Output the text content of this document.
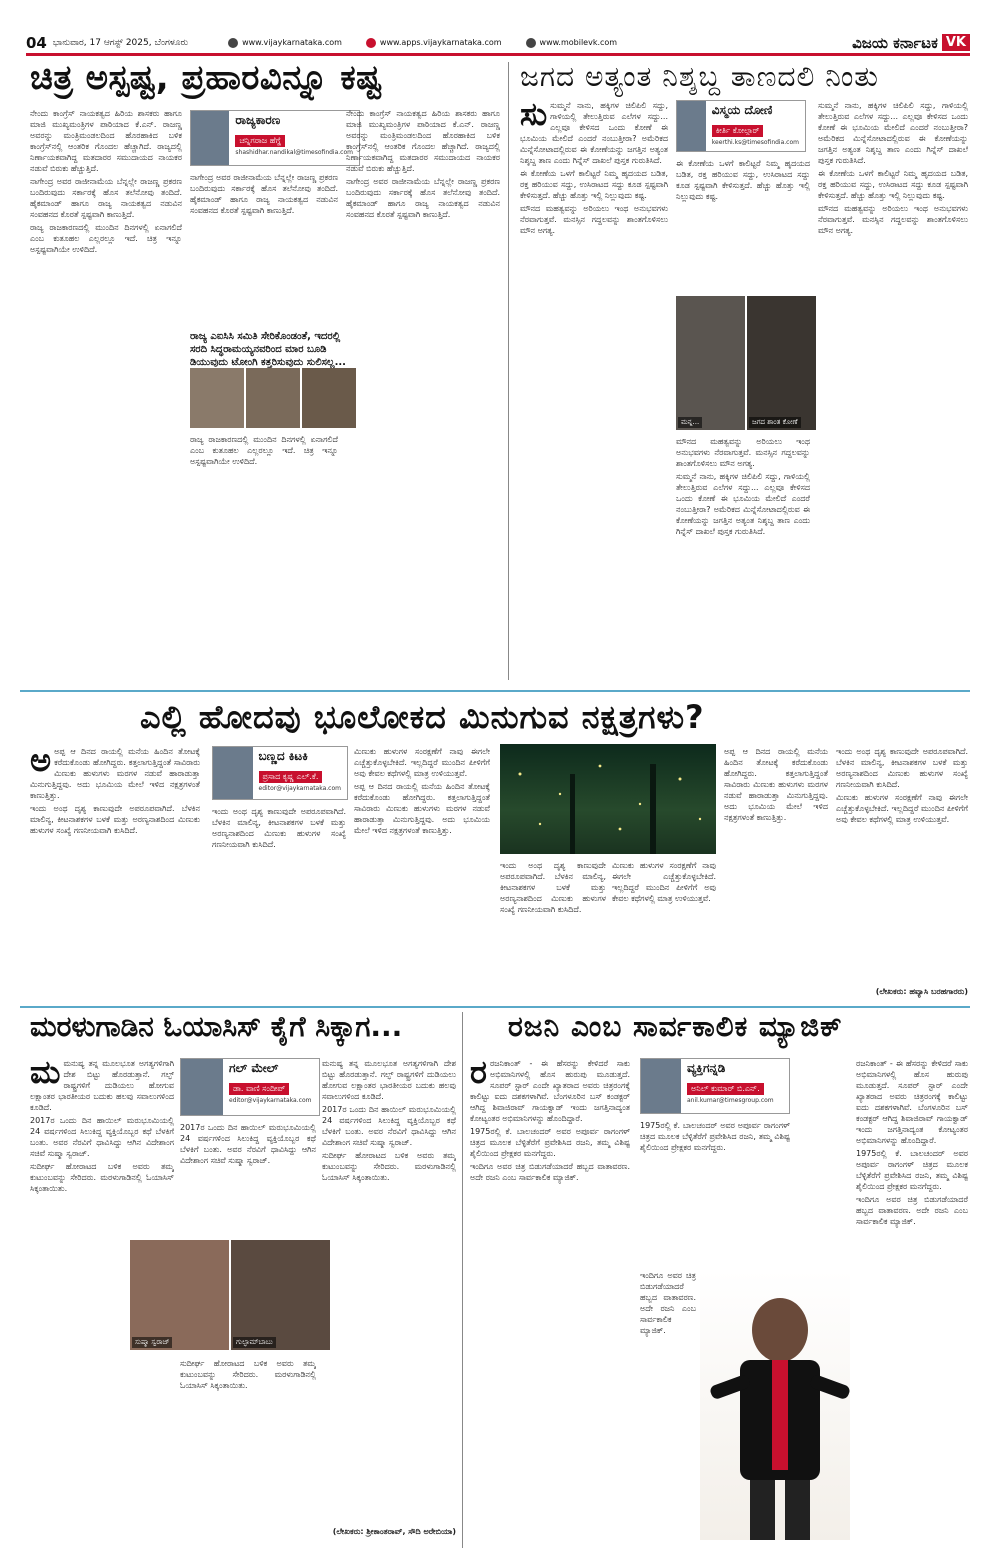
04 ಭಾನುವಾರ, 17 ಆಗಸ್ಟ್ 2025, ಬೆಂಗಳೂರು	www.vijaykarnataka.com	www.apps.vijaykarnataka.com	www.mobilevk.com	ವಿಜಯ ಕರ್ನಾಟಕ VK
ಚಿತ್ರ ಅಸ್ಪಷ್ಟ, ಪ್ರಹಾರವಿನ್ನೂ ಕಷ್ಟ
ರಾಜ್ಯಕಾರಣ
ಚನ್ನಿಗರಾಜ ಹೆಗ್ಡೆ
shashidhar.nandikal@timesofindia.com

ನೇಂದು ಕಾಂಗ್ರೆಸ್ ನಾಯಕತ್ವದ ಹಿರಿಯ ಶಾಸಕರು ಹಾಗೂ ಮಾಜಿ ಮುಖ್ಯಮಂತ್ರಿಗಳ ಪಾಠಿಯಾದ ಕೆ.ಎನ್. ರಾಜಣ್ಣ ಅವರನ್ನು ಮಂತ್ರಿಮಂಡಲದಿಂದ ಹೊರಹಾಕಿದ ಬಳಿಕ ಕಾಂಗ್ರೆಸ್‌ನಲ್ಲಿ ಆಂತರಿಕ ಗೊಂದಲ ಹೆಚ್ಚಾಗಿದೆ. ರಾಜ್ಯದಲ್ಲಿ ನಿರ್ಣಾಯಕವಾಗಿದ್ದ ಮತದಾರರ ಸಮುದಾಯದ ನಾಯಕರ ನಡುವೆ ಬಿರುಕು ಹೆಚ್ಚುತ್ತಿದೆ.

ನಾಗೇಂದ್ರ ಅವರ ರಾಜೀನಾಮೆಯ ಬೆನ್ನಲ್ಲೇ ರಾಜಣ್ಣ ಪ್ರಕರಣ ಬಂದಿರುವುದು ಸರ್ಕಾರಕ್ಕೆ ಹೊಸ ತಲೆನೋವು ತಂದಿದೆ. ಹೈಕಮಾಂಡ್ ಹಾಗೂ ರಾಜ್ಯ ನಾಯಕತ್ವದ ನಡುವಿನ ಸಂವಹನದ ಕೊರತೆ ಸ್ಪಷ್ಟವಾಗಿ ಕಾಣುತ್ತಿದೆ.

ರಾಜ್ಯ ರಾಜಕಾರಣದಲ್ಲಿ ಮುಂದಿನ ದಿನಗಳಲ್ಲಿ ಏನಾಗಲಿದೆ ಎಂಬ ಕುತೂಹಲ ಎಲ್ಲರಲ್ಲೂ ಇದೆ. ಚಿತ್ರ ಇನ್ನೂ ಅಸ್ಪಷ್ಟವಾಗಿಯೇ ಉಳಿದಿದೆ.

ನಾಗೇಂದ್ರ ಅವರ ರಾಜೀನಾಮೆಯ ಬೆನ್ನಲ್ಲೇ ರಾಜಣ್ಣ ಪ್ರಕರಣ ಬಂದಿರುವುದು ಸರ್ಕಾರಕ್ಕೆ ಹೊಸ ತಲೆನೋವು ತಂದಿದೆ. ಹೈಕಮಾಂಡ್ ಹಾಗೂ ರಾಜ್ಯ ನಾಯಕತ್ವದ ನಡುವಿನ ಸಂವಹನದ ಕೊರತೆ ಸ್ಪಷ್ಟವಾಗಿ ಕಾಣುತ್ತಿದೆ.

ರಾಜ್ಯ ಎಐಸಿಸಿ ಸಮಿತಿ ಸೇರಿಕೊಂಡಂತೆ, ಇದರಲ್ಲಿ ಸರದಿ ಸಿದ್ಧರಾಮಯ್ಯನವರಿಂದ ಮಾರ ಬೂಡಿ ಡಿಯುವುದು ಟೋಂಗಿ ಕತ್ತರಿಸುವುದು ಸುಲಿಸಲ್ಲ...

ರಾಜ್ಯ ರಾಜಕಾರಣದಲ್ಲಿ ಮುಂದಿನ ದಿನಗಳಲ್ಲಿ ಏನಾಗಲಿದೆ ಎಂಬ ಕುತೂಹಲ ಎಲ್ಲರಲ್ಲೂ ಇದೆ. ಚಿತ್ರ ಇನ್ನೂ ಅಸ್ಪಷ್ಟವಾಗಿಯೇ ಉಳಿದಿದೆ.

ನೇಂದು ಕಾಂಗ್ರೆಸ್ ನಾಯಕತ್ವದ ಹಿರಿಯ ಶಾಸಕರು ಹಾಗೂ ಮಾಜಿ ಮುಖ್ಯಮಂತ್ರಿಗಳ ಪಾಠಿಯಾದ ಕೆ.ಎನ್. ರಾಜಣ್ಣ ಅವರನ್ನು ಮಂತ್ರಿಮಂಡಲದಿಂದ ಹೊರಹಾಕಿದ ಬಳಿಕ ಕಾಂಗ್ರೆಸ್‌ನಲ್ಲಿ ಆಂತರಿಕ ಗೊಂದಲ ಹೆಚ್ಚಾಗಿದೆ. ರಾಜ್ಯದಲ್ಲಿ ನಿರ್ಣಾಯಕವಾಗಿದ್ದ ಮತದಾರರ ಸಮುದಾಯದ ನಾಯಕರ ನಡುವೆ ಬಿರುಕು ಹೆಚ್ಚುತ್ತಿದೆ.

ನಾಗೇಂದ್ರ ಅವರ ರಾಜೀನಾಮೆಯ ಬೆನ್ನಲ್ಲೇ ರಾಜಣ್ಣ ಪ್ರಕರಣ ಬಂದಿರುವುದು ಸರ್ಕಾರಕ್ಕೆ ಹೊಸ ತಲೆನೋವು ತಂದಿದೆ. ಹೈಕಮಾಂಡ್ ಹಾಗೂ ರಾಜ್ಯ ನಾಯಕತ್ವದ ನಡುವಿನ ಸಂವಹನದ ಕೊರತೆ ಸ್ಪಷ್ಟವಾಗಿ ಕಾಣುತ್ತಿದೆ.

ಜಗದ ಅತ್ಯಂತ ನಿಶ್ಶಬ್ದ ತಾಣದಲಿ ನಿಂತು
ಸು ಸುಮ್ಮನೆ ನಾನು, ಹಕ್ಕಿಗಳ ಚಿಲಿಪಿಲಿ ಸದ್ದು, ಗಾಳಿಯಲ್ಲಿ ತೇಲುತ್ತಿರುವ ಎಲೆಗಳ ಸದ್ದು... ಎಲ್ಲವೂ ಕೇಳಿಸದ ಒಂದು ಕೋಣೆ ಈ ಭೂಮಿಯ ಮೇಲಿದೆ ಎಂದರೆ ನಂಬುತ್ತೀರಾ? ಅಮೆರಿಕದ ಮಿನ್ನೆಸೋಟಾದಲ್ಲಿರುವ ಈ ಕೋಣೆಯನ್ನು ಜಗತ್ತಿನ ಅತ್ಯಂತ ನಿಶ್ಶಬ್ದ ತಾಣ ಎಂದು ಗಿನ್ನೆಸ್ ದಾಖಲೆ ಪುಸ್ತಕ ಗುರುತಿಸಿದೆ.

ಈ ಕೋಣೆಯ ಒಳಗೆ ಕಾಲಿಟ್ಟರೆ ನಿಮ್ಮ ಹೃದಯದ ಬಡಿತ, ರಕ್ತ ಹರಿಯುವ ಸದ್ದು, ಉಸಿರಾಟದ ಸದ್ದು ಕೂಡ ಸ್ಪಷ್ಟವಾಗಿ ಕೇಳಿಸುತ್ತದೆ. ಹೆಚ್ಚು ಹೊತ್ತು ಇಲ್ಲಿ ನಿಲ್ಲುವುದು ಕಷ್ಟ.

ಮೌನದ ಮಹತ್ವವನ್ನು ಅರಿಯಲು ಇಂಥ ಅನುಭವಗಳು ನೆರವಾಗುತ್ತವೆ. ಮನಸ್ಸಿನ ಗದ್ದಲವನ್ನು ಶಾಂತಗೊಳಿಸಲು ಮೌನ ಅಗತ್ಯ.

ವಿಸ್ಮಯ ದೋಣಿ
ಕೀರ್ತಿ ಕೋಲ್ಗಾರ್
keerthi.ks@timesofindia.com

ಈ ಕೋಣೆಯ ಒಳಗೆ ಕಾಲಿಟ್ಟರೆ ನಿಮ್ಮ ಹೃದಯದ ಬಡಿತ, ರಕ್ತ ಹರಿಯುವ ಸದ್ದು, ಉಸಿರಾಟದ ಸದ್ದು ಕೂಡ ಸ್ಪಷ್ಟವಾಗಿ ಕೇಳಿಸುತ್ತದೆ. ಹೆಚ್ಚು ಹೊತ್ತು ಇಲ್ಲಿ ನಿಲ್ಲುವುದು ಕಷ್ಟ.

ಮನ್ನ...	ಜಗದ ಶಾಂತ ಕೋಣೆ

ಮೌನದ ಮಹತ್ವವನ್ನು ಅರಿಯಲು ಇಂಥ ಅನುಭವಗಳು ನೆರವಾಗುತ್ತವೆ. ಮನಸ್ಸಿನ ಗದ್ದಲವನ್ನು ಶಾಂತಗೊಳಿಸಲು ಮೌನ ಅಗತ್ಯ.

ಸುಮ್ಮನೆ ನಾನು, ಹಕ್ಕಿಗಳ ಚಿಲಿಪಿಲಿ ಸದ್ದು, ಗಾಳಿಯಲ್ಲಿ ತೇಲುತ್ತಿರುವ ಎಲೆಗಳ ಸದ್ದು... ಎಲ್ಲವೂ ಕೇಳಿಸದ ಒಂದು ಕೋಣೆ ಈ ಭೂಮಿಯ ಮೇಲಿದೆ ಎಂದರೆ ನಂಬುತ್ತೀರಾ? ಅಮೆರಿಕದ ಮಿನ್ನೆಸೋಟಾದಲ್ಲಿರುವ ಈ ಕೋಣೆಯನ್ನು ಜಗತ್ತಿನ ಅತ್ಯಂತ ನಿಶ್ಶಬ್ದ ತಾಣ ಎಂದು ಗಿನ್ನೆಸ್ ದಾಖಲೆ ಪುಸ್ತಕ ಗುರುತಿಸಿದೆ.

ಸುಮ್ಮನೆ ನಾನು, ಹಕ್ಕಿಗಳ ಚಿಲಿಪಿಲಿ ಸದ್ದು, ಗಾಳಿಯಲ್ಲಿ ತೇಲುತ್ತಿರುವ ಎಲೆಗಳ ಸದ್ದು... ಎಲ್ಲವೂ ಕೇಳಿಸದ ಒಂದು ಕೋಣೆ ಈ ಭೂಮಿಯ ಮೇಲಿದೆ ಎಂದರೆ ನಂಬುತ್ತೀರಾ? ಅಮೆರಿಕದ ಮಿನ್ನೆಸೋಟಾದಲ್ಲಿರುವ ಈ ಕೋಣೆಯನ್ನು ಜಗತ್ತಿನ ಅತ್ಯಂತ ನಿಶ್ಶಬ್ದ ತಾಣ ಎಂದು ಗಿನ್ನೆಸ್ ದಾಖಲೆ ಪುಸ್ತಕ ಗುರುತಿಸಿದೆ.

ಈ ಕೋಣೆಯ ಒಳಗೆ ಕಾಲಿಟ್ಟರೆ ನಿಮ್ಮ ಹೃದಯದ ಬಡಿತ, ರಕ್ತ ಹರಿಯುವ ಸದ್ದು, ಉಸಿರಾಟದ ಸದ್ದು ಕೂಡ ಸ್ಪಷ್ಟವಾಗಿ ಕೇಳಿಸುತ್ತದೆ. ಹೆಚ್ಚು ಹೊತ್ತು ಇಲ್ಲಿ ನಿಲ್ಲುವುದು ಕಷ್ಟ.

ಮೌನದ ಮಹತ್ವವನ್ನು ಅರಿಯಲು ಇಂಥ ಅನುಭವಗಳು ನೆರವಾಗುತ್ತವೆ. ಮನಸ್ಸಿನ ಗದ್ದಲವನ್ನು ಶಾಂತಗೊಳಿಸಲು ಮೌನ ಅಗತ್ಯ.

ಎಲ್ಲಿ ಹೋದವು ಭೂಲೋಕದ ಮಿನುಗುವ ನಕ್ಷತ್ರಗಳು?
ಅ ಅಪ್ಪ ಆ ದಿನದ ರಾಯಲ್ಲಿ ಮನೆಯ ಹಿಂದಿನ ತೋಟಕ್ಕೆ ಕರೆದುಕೊಂಡು ಹೋಗಿದ್ದರು. ಕತ್ತಲಾಗುತ್ತಿದ್ದಂತೆ ಸಾವಿರಾರು ಮಿಣುಕು ಹುಳುಗಳು ಮರಗಳ ನಡುವೆ ಹಾರಾಡುತ್ತಾ ಮಿನುಗುತ್ತಿದ್ದವು. ಅದು ಭೂಮಿಯ ಮೇಲೆ ಇಳಿದ ನಕ್ಷತ್ರಗಳಂತೆ ಕಾಣುತ್ತಿತ್ತು.

ಇಂದು ಅಂಥ ದೃಶ್ಯ ಕಾಣುವುದೇ ಅಪರೂಪವಾಗಿದೆ. ಬೆಳಕಿನ ಮಾಲಿನ್ಯ, ಕೀಟನಾಶಕಗಳ ಬಳಕೆ ಮತ್ತು ಅರಣ್ಯನಾಶದಿಂದ ಮಿಣುಕು ಹುಳುಗಳ ಸಂಖ್ಯೆ ಗಣನೀಯವಾಗಿ ಕುಸಿದಿದೆ.

ಬಣ್ಣದ ಕಿಟಕಿ
ಪ್ರಸಾದ ಕೃಷ್ಣ ಎಲ್.ಕೆ.
editor@vijaykarnataka.com

ಇಂದು ಅಂಥ ದೃಶ್ಯ ಕಾಣುವುದೇ ಅಪರೂಪವಾಗಿದೆ. ಬೆಳಕಿನ ಮಾಲಿನ್ಯ, ಕೀಟನಾಶಕಗಳ ಬಳಕೆ ಮತ್ತು ಅರಣ್ಯನಾಶದಿಂದ ಮಿಣುಕು ಹುಳುಗಳ ಸಂಖ್ಯೆ ಗಣನೀಯವಾಗಿ ಕುಸಿದಿದೆ.

ಮಿಣುಕು ಹುಳುಗಳ ಸಂರಕ್ಷಣೆಗೆ ನಾವು ಈಗಲೇ ಎಚ್ಚೆತ್ತುಕೊಳ್ಳಬೇಕಿದೆ. ಇಲ್ಲದಿದ್ದರೆ ಮುಂದಿನ ಪೀಳಿಗೆಗೆ ಅವು ಕೇವಲ ಕಥೆಗಳಲ್ಲಿ ಮಾತ್ರ ಉಳಿಯುತ್ತವೆ.

ಅಪ್ಪ ಆ ದಿನದ ರಾಯಲ್ಲಿ ಮನೆಯ ಹಿಂದಿನ ತೋಟಕ್ಕೆ ಕರೆದುಕೊಂಡು ಹೋಗಿದ್ದರು. ಕತ್ತಲಾಗುತ್ತಿದ್ದಂತೆ ಸಾವಿರಾರು ಮಿಣುಕು ಹುಳುಗಳು ಮರಗಳ ನಡುವೆ ಹಾರಾಡುತ್ತಾ ಮಿನುಗುತ್ತಿದ್ದವು. ಅದು ಭೂಮಿಯ ಮೇಲೆ ಇಳಿದ ನಕ್ಷತ್ರಗಳಂತೆ ಕಾಣುತ್ತಿತ್ತು.

ಇಂದು ಅಂಥ ದೃಶ್ಯ ಕಾಣುವುದೇ ಅಪರೂಪವಾಗಿದೆ. ಬೆಳಕಿನ ಮಾಲಿನ್ಯ, ಕೀಟನಾಶಕಗಳ ಬಳಕೆ ಮತ್ತು ಅರಣ್ಯನಾಶದಿಂದ ಮಿಣುಕು ಹುಳುಗಳ ಸಂಖ್ಯೆ ಗಣನೀಯವಾಗಿ ಕುಸಿದಿದೆ.

ಮಿಣುಕು ಹುಳುಗಳ ಸಂರಕ್ಷಣೆಗೆ ನಾವು ಈಗಲೇ ಎಚ್ಚೆತ್ತುಕೊಳ್ಳಬೇಕಿದೆ. ಇಲ್ಲದಿದ್ದರೆ ಮುಂದಿನ ಪೀಳಿಗೆಗೆ ಅವು ಕೇವಲ ಕಥೆಗಳಲ್ಲಿ ಮಾತ್ರ ಉಳಿಯುತ್ತವೆ.

ಅಪ್ಪ ಆ ದಿನದ ರಾಯಲ್ಲಿ ಮನೆಯ ಹಿಂದಿನ ತೋಟಕ್ಕೆ ಕರೆದುಕೊಂಡು ಹೋಗಿದ್ದರು. ಕತ್ತಲಾಗುತ್ತಿದ್ದಂತೆ ಸಾವಿರಾರು ಮಿಣುಕು ಹುಳುಗಳು ಮರಗಳ ನಡುವೆ ಹಾರಾಡುತ್ತಾ ಮಿನುಗುತ್ತಿದ್ದವು. ಅದು ಭೂಮಿಯ ಮೇಲೆ ಇಳಿದ ನಕ್ಷತ್ರಗಳಂತೆ ಕಾಣುತ್ತಿತ್ತು.

ಇಂದು ಅಂಥ ದೃಶ್ಯ ಕಾಣುವುದೇ ಅಪರೂಪವಾಗಿದೆ. ಬೆಳಕಿನ ಮಾಲಿನ್ಯ, ಕೀಟನಾಶಕಗಳ ಬಳಕೆ ಮತ್ತು ಅರಣ್ಯನಾಶದಿಂದ ಮಿಣುಕು ಹುಳುಗಳ ಸಂಖ್ಯೆ ಗಣನೀಯವಾಗಿ ಕುಸಿದಿದೆ.

ಮಿಣುಕು ಹುಳುಗಳ ಸಂರಕ್ಷಣೆಗೆ ನಾವು ಈಗಲೇ ಎಚ್ಚೆತ್ತುಕೊಳ್ಳಬೇಕಿದೆ. ಇಲ್ಲದಿದ್ದರೆ ಮುಂದಿನ ಪೀಳಿಗೆಗೆ ಅವು ಕೇವಲ ಕಥೆಗಳಲ್ಲಿ ಮಾತ್ರ ಉಳಿಯುತ್ತವೆ.

(ಲೇಖಕರು: ಹವ್ಯಾಸಿ ಬರಹಗಾರರು)
ಮರಳುಗಾಡಿನ ಓಯಾಸಿಸ್ ಕೈಗೆ ಸಿಕ್ಕಾಗ...
ಮ ಮನುಷ್ಯ ತನ್ನ ಮೂಲಭೂತ ಅಗತ್ಯಗಳಿಗಾಗಿ ದೇಶ ಬಿಟ್ಟು ಹೊರಡುತ್ತಾನೆ. ಗಲ್ಫ್ ರಾಷ್ಟ್ರಗಳಿಗೆ ದುಡಿಯಲು ಹೋಗುವ ಲಕ್ಷಾಂತರ ಭಾರತೀಯರ ಬದುಕು ಹಲವು ಸವಾಲುಗಳಿಂದ ಕೂಡಿದೆ.

2017ರ ಒಂದು ದಿನ ಹಾಯಿಲ್ ಮರುಭೂಮಿಯಲ್ಲಿ 24 ವರ್ಷಗಳಿಂದ ಸಿಲುಕಿದ್ದ ವ್ಯಕ್ತಿಯೊಬ್ಬರ ಕಥೆ ಬೆಳಕಿಗೆ ಬಂತು. ಅವರ ನೆರವಿಗೆ ಧಾವಿಸಿದ್ದು ಆಗಿನ ವಿದೇಶಾಂಗ ಸಚಿವೆ ಸುಷ್ಮಾ ಸ್ವರಾಜ್.

ಸುದೀರ್ಘ ಹೋರಾಟದ ಬಳಿಕ ಅವರು ತಮ್ಮ ಕುಟುಂಬವನ್ನು ಸೇರಿದರು. ಮರಳುಗಾಡಿನಲ್ಲಿ ಓಯಾಸಿಸ್ ಸಿಕ್ಕಂತಾಯಿತು.

ಗಲ್ ಮೇಲ್
ಡಾ. ವಾಣಿ ಸಂದೀಪ್
editor@vijaykarnataka.com

2017ರ ಒಂದು ದಿನ ಹಾಯಿಲ್ ಮರುಭೂಮಿಯಲ್ಲಿ 24 ವರ್ಷಗಳಿಂದ ಸಿಲುಕಿದ್ದ ವ್ಯಕ್ತಿಯೊಬ್ಬರ ಕಥೆ ಬೆಳಕಿಗೆ ಬಂತು. ಅವರ ನೆರವಿಗೆ ಧಾವಿಸಿದ್ದು ಆಗಿನ ವಿದೇಶಾಂಗ ಸಚಿವೆ ಸುಷ್ಮಾ ಸ್ವರಾಜ್.

ಸುಷ್ಮಾ ಸ್ವರಾಜ್	ಗುಲ್ಫಾಮ್‌ಬಾಬು

ಸುದೀರ್ಘ ಹೋರಾಟದ ಬಳಿಕ ಅವರು ತಮ್ಮ ಕುಟುಂಬವನ್ನು ಸೇರಿದರು. ಮರಳುಗಾಡಿನಲ್ಲಿ ಓಯಾಸಿಸ್ ಸಿಕ್ಕಂತಾಯಿತು.

ಮನುಷ್ಯ ತನ್ನ ಮೂಲಭೂತ ಅಗತ್ಯಗಳಿಗಾಗಿ ದೇಶ ಬಿಟ್ಟು ಹೊರಡುತ್ತಾನೆ. ಗಲ್ಫ್ ರಾಷ್ಟ್ರಗಳಿಗೆ ದುಡಿಯಲು ಹೋಗುವ ಲಕ್ಷಾಂತರ ಭಾರತೀಯರ ಬದುಕು ಹಲವು ಸವಾಲುಗಳಿಂದ ಕೂಡಿದೆ.

2017ರ ಒಂದು ದಿನ ಹಾಯಿಲ್ ಮರುಭೂಮಿಯಲ್ಲಿ 24 ವರ್ಷಗಳಿಂದ ಸಿಲುಕಿದ್ದ ವ್ಯಕ್ತಿಯೊಬ್ಬರ ಕಥೆ ಬೆಳಕಿಗೆ ಬಂತು. ಅವರ ನೆರವಿಗೆ ಧಾವಿಸಿದ್ದು ಆಗಿನ ವಿದೇಶಾಂಗ ಸಚಿವೆ ಸುಷ್ಮಾ ಸ್ವರಾಜ್.

ಸುದೀರ್ಘ ಹೋರಾಟದ ಬಳಿಕ ಅವರು ತಮ್ಮ ಕುಟುಂಬವನ್ನು ಸೇರಿದರು. ಮರಳುಗಾಡಿನಲ್ಲಿ ಓಯಾಸಿಸ್ ಸಿಕ್ಕಂತಾಯಿತು.

(ಲೇಖಕರು: ಶ್ರೀಕಾಂತರಾವ್, ಸೌದಿ ಅರೇಬಿಯಾ)
ರಜನಿ ಎಂಬ ಸಾರ್ವಕಾಲಿಕ ಮ್ಯಾಜಿಕ್
ರ ರಜನಿಕಾಂತ್ - ಈ ಹೆಸರನ್ನು ಕೇಳಿದರೆ ಸಾಕು ಅಭಿಮಾನಿಗಳಲ್ಲಿ ಹೊಸ ಹುರುಪು ಮೂಡುತ್ತದೆ. ಸೂಪರ್ ಸ್ಟಾರ್ ಎಂದೇ ಖ್ಯಾತರಾದ ಅವರು ಚಿತ್ರರಂಗಕ್ಕೆ ಕಾಲಿಟ್ಟು ಐದು ದಶಕಗಳಾಗಿವೆ. ಬೆಂಗಳೂರಿನ ಬಸ್ ಕಂಡಕ್ಟರ್ ಆಗಿದ್ದ ಶಿವಾಜಿರಾವ್ ಗಾಯಕ್ವಾಡ್ ಇಂದು ಜಗತ್ತಿನಾದ್ಯಂತ ಕೋಟ್ಯಂತರ ಅಭಿಮಾನಿಗಳನ್ನು ಹೊಂದಿದ್ದಾರೆ.

1975ರಲ್ಲಿ ಕೆ. ಬಾಲಚಂದರ್ ಅವರ ಅಪೂರ್ವ ರಾಗಂಗಳ್ ಚಿತ್ರದ ಮೂಲಕ ಬೆಳ್ಳಿತೆರೆಗೆ ಪ್ರವೇಶಿಸಿದ ರಜನಿ, ತಮ್ಮ ವಿಶಿಷ್ಟ ಶೈಲಿಯಿಂದ ಪ್ರೇಕ್ಷಕರ ಮನಗೆದ್ದರು.

ಇಂದಿಗೂ ಅವರ ಚಿತ್ರ ಬಿಡುಗಡೆಯಾದರೆ ಹಬ್ಬದ ವಾತಾವರಣ. ಅದೇ ರಜನಿ ಎಂಬ ಸಾರ್ವಕಾಲಿಕ ಮ್ಯಾಜಿಕ್.

ವ್ಯಕ್ತಿಗನ್ನಡಿ
ಅನಿಲ್ ಕುಮಾರ್ ಬಿ.ಎನ್.
anil.kumar@timesgroup.com

1975ರಲ್ಲಿ ಕೆ. ಬಾಲಚಂದರ್ ಅವರ ಅಪೂರ್ವ ರಾಗಂಗಳ್ ಚಿತ್ರದ ಮೂಲಕ ಬೆಳ್ಳಿತೆರೆಗೆ ಪ್ರವೇಶಿಸಿದ ರಜನಿ, ತಮ್ಮ ವಿಶಿಷ್ಟ ಶೈಲಿಯಿಂದ ಪ್ರೇಕ್ಷಕರ ಮನಗೆದ್ದರು.

ಇಂದಿಗೂ ಅವರ ಚಿತ್ರ ಬಿಡುಗಡೆಯಾದರೆ ಹಬ್ಬದ ವಾತಾವರಣ. ಅದೇ ರಜನಿ ಎಂಬ ಸಾರ್ವಕಾಲಿಕ ಮ್ಯಾಜಿಕ್.

ರಜನಿಕಾಂತ್ - ಈ ಹೆಸರನ್ನು ಕೇಳಿದರೆ ಸಾಕು ಅಭಿಮಾನಿಗಳಲ್ಲಿ ಹೊಸ ಹುರುಪು ಮೂಡುತ್ತದೆ. ಸೂಪರ್ ಸ್ಟಾರ್ ಎಂದೇ ಖ್ಯಾತರಾದ ಅವರು ಚಿತ್ರರಂಗಕ್ಕೆ ಕಾಲಿಟ್ಟು ಐದು ದಶಕಗಳಾಗಿವೆ. ಬೆಂಗಳೂರಿನ ಬಸ್ ಕಂಡಕ್ಟರ್ ಆಗಿದ್ದ ಶಿವಾಜಿರಾವ್ ಗಾಯಕ್ವಾಡ್ ಇಂದು ಜಗತ್ತಿನಾದ್ಯಂತ ಕೋಟ್ಯಂತರ ಅಭಿಮಾನಿಗಳನ್ನು ಹೊಂದಿದ್ದಾರೆ.

1975ರಲ್ಲಿ ಕೆ. ಬಾಲಚಂದರ್ ಅವರ ಅಪೂರ್ವ ರಾಗಂಗಳ್ ಚಿತ್ರದ ಮೂಲಕ ಬೆಳ್ಳಿತೆರೆಗೆ ಪ್ರವೇಶಿಸಿದ ರಜನಿ, ತಮ್ಮ ವಿಶಿಷ್ಟ ಶೈಲಿಯಿಂದ ಪ್ರೇಕ್ಷಕರ ಮನಗೆದ್ದರು.

ಇಂದಿಗೂ ಅವರ ಚಿತ್ರ ಬಿಡುಗಡೆಯಾದರೆ ಹಬ್ಬದ ವಾತಾವರಣ. ಅದೇ ರಜನಿ ಎಂಬ ಸಾರ್ವಕಾಲಿಕ ಮ್ಯಾಜಿಕ್.
